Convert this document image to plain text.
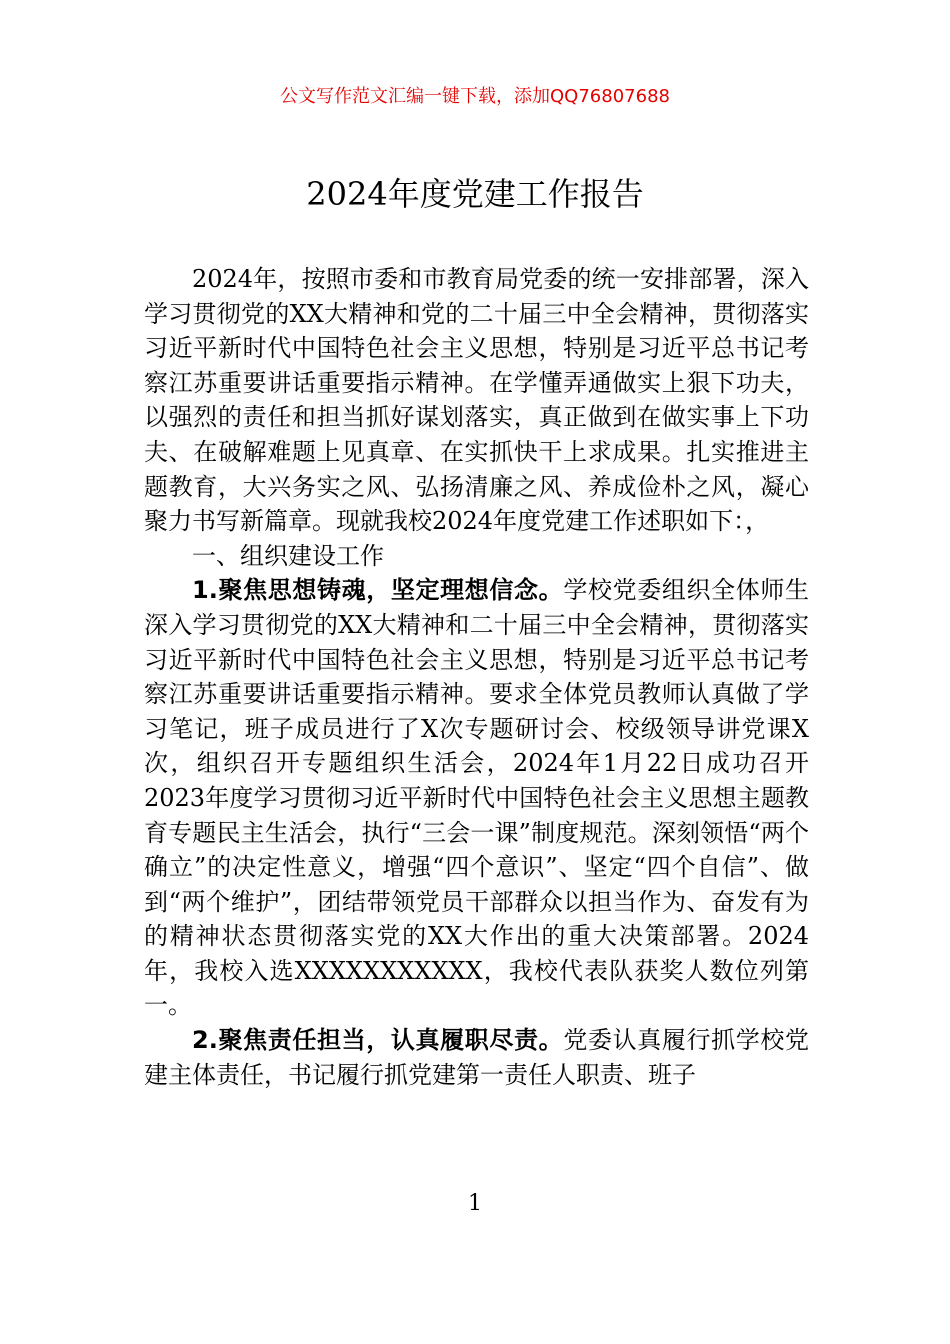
公文写作范文汇编一键下载，添加QQ76807688
2024年度党建工作报告

2024年，按照市委和市教育局党委的统一安排部署，深入学习贯彻党的XX大精神和党的二十届三中全会精神，贯彻落实习近平新时代中国特色社会主义思想，特别是习近平总书记考察江苏重要讲话重要指示精神。在学懂弄通做实上狠下功夫，以强烈的责任和担当抓好谋划落实，真正做到在做实事上下功夫、在破解难题上见真章、在实抓快干上求成果。扎实推进主题教育，大兴务实之风、弘扬清廉之风、养成俭朴之风，凝心聚力书写新篇章。现就我校2024年度党建工作述职如下：，

一、组织建设工作

1.聚焦思想铸魂，坚定理想信念。学校党委组织全体师生深入学习贯彻党的XX大精神和二十届三中全会精神，贯彻落实习近平新时代中国特色社会主义思想，特别是习近平总书记考察江苏重要讲话重要指示精神。要求全体党员教师认真做了学习笔记，班子成员进行了X次专题研讨会、校级领导讲党课X次，组织召开专题组织生活会，2024年1月22日成功召开2023年度学习贯彻习近平新时代中国特色社会主义思想主题教育专题民主生活会，执行“三会一课”制度规范。深刻领悟“两个确立”的决定性意义，增强“四个意识”、坚定“四个自信”、做到“两个维护”，团结带领党员干部群众以担当作为、奋发有为的精神状态贯彻落实党的XX大作出的重大决策部署。2024年，我校入选XXXXXXXXXXX，我校代表队获奖人数位列第一。

2.聚焦责任担当，认真履职尽责。党委认真履行抓学校党建主体责任，书记履行抓党建第一责任人职责、班子

1
